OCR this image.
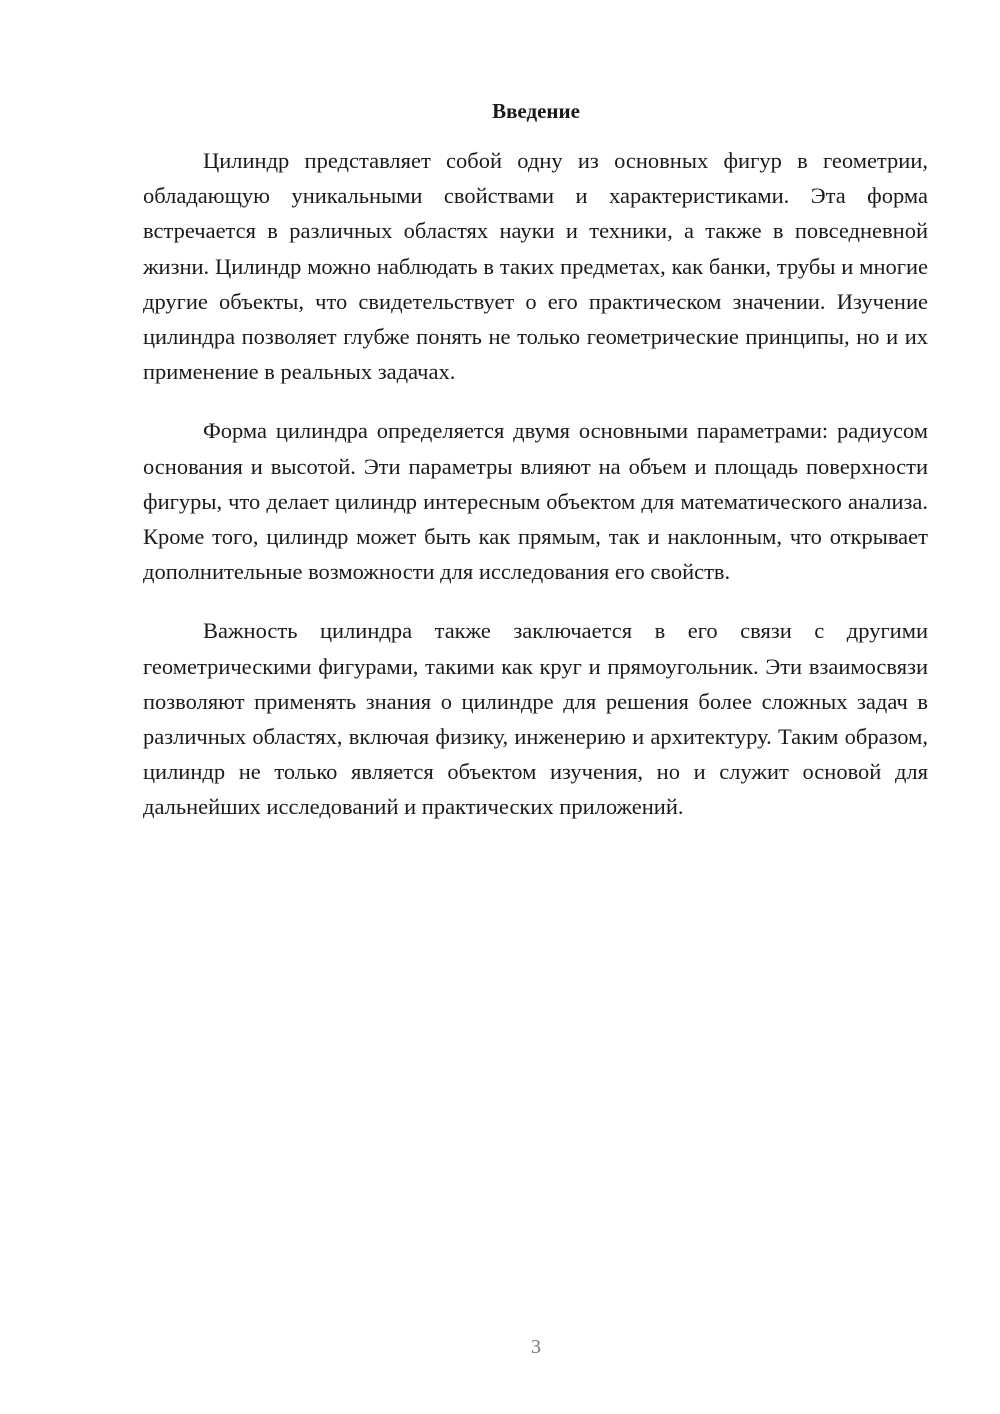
Введение

Цилиндр представляет собой одну из основных фигур в геометрии, обладающую уникальными свойствами и характеристиками. Эта форма встречается в различных областях науки и техники, а также в повседневной жизни. Цилиндр можно наблюдать в таких предметах, как банки, трубы и многие другие объекты, что свидетельствует о его практическом значении. Изучение цилиндра позволяет глубже понять не только геометрические принципы, но и их применение в реальных задачах.

Форма цилиндра определяется двумя основными параметрами: радиусом основания и высотой. Эти параметры влияют на объем и площадь поверхности фигуры, что делает цилиндр интересным объектом для математического анализа. Кроме того, цилиндр может быть как прямым, так и наклонным, что открывает дополнительные возможности для исследования его свойств.

Важность цилиндра также заключается в его связи с другими геометрическими фигурами, такими как круг и прямоугольник. Эти взаимосвязи позволяют применять знания о цилиндре для решения более сложных задач в различных областях, включая физику, инженерию и архитектуру. Таким образом, цилиндр не только является объектом изучения, но и служит основой для дальнейших исследований и практических приложений.

3
